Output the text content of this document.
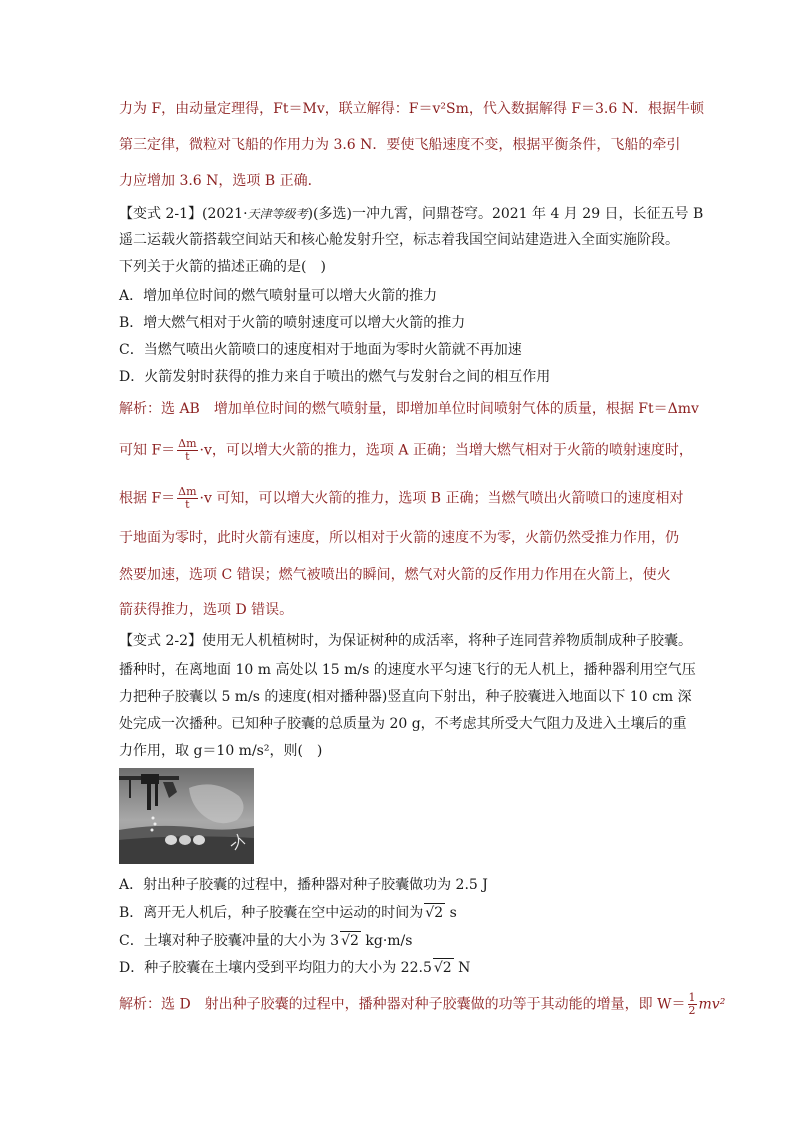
力为 F，由动量定理得，Ft＝Mv，联立解得：F＝v²Sm，代入数据解得 F＝3.6 N．根据牛顿
第三定律，微粒对飞船的作用力为 3.6 N．要使飞船速度不变，根据平衡条件，飞船的牵引
力应增加 3.6 N，选项 B 正确．
【变式 2-1】(2021·天津等级考)(多选)一冲九霄，问鼎苍穹。2021 年 4 月 29 日，长征五号 B
遥二运载火箭搭载空间站天和核心舱发射升空，标志着我国空间站建造进入全面实施阶段。
下列关于火箭的描述正确的是(　)
A．增加单位时间的燃气喷射量可以增大火箭的推力
B．增大燃气相对于火箭的喷射速度可以增大火箭的推力
C．当燃气喷出火箭喷口的速度相对于地面为零时火箭就不再加速
D．火箭发射时获得的推力来自于喷出的燃气与发射台之间的相互作用
解析：选 AB　增加单位时间的燃气喷射量，即增加单位时间喷射气体的质量，根据 Ft＝Δmv
可知 $F= \frac{\Delta m}{t} \cdot v$，可以增大火箭的推力，选项 A 正确；当增大燃气相对于火箭的喷射速度时，
根据 $F= \frac{\Delta m}{t} \cdot v$ 可知，可以增大火箭的推力，选项 B 正确；当燃气喷出火箭喷口的速度相对
于地面为零时，此时火箭有速度，所以相对于火箭的速度不为零，火箭仍然受推力作用，仍
然要加速，选项 C 错误；燃气被喷出的瞬间，燃气对火箭的反作用力作用在火箭上，使火
箭获得推力，选项 D 错误。
【变式 2-2】使用无人机植树时，为保证树种的成活率，将种子连同营养物质制成种子胶囊。
播种时，在离地面 10 m 高处以 15 m/s 的速度水平匀速飞行的无人机上，播种器利用空气压
力把种子胶囊以 5 m/s 的速度(相对播种器)竖直向下射出，种子胶囊进入地面以下 10 cm 深
处完成一次播种。已知种子胶囊的总质量为 20 g，不考虑其所受大气阻力及进入土壤后的重
力作用，取 g＝10 m/s²，则(　)
A．射出种子胶囊的过程中，播种器对种子胶囊做功为 2.5 J
B．离开无人机后，种子胶囊在空中运动的时间为 √ 2 s
C．土壤对种子胶囊冲量的大小为 3 √ 2 kg·m/s
D．种子胶囊在土壤内受到平均阻力的大小为 22.5 √ 2 N
解析：选 D　射出种子胶囊的过程中，播种器对种子胶囊做的功等于其动能的增量，即 $W= \frac{1}{2} mv^2$
